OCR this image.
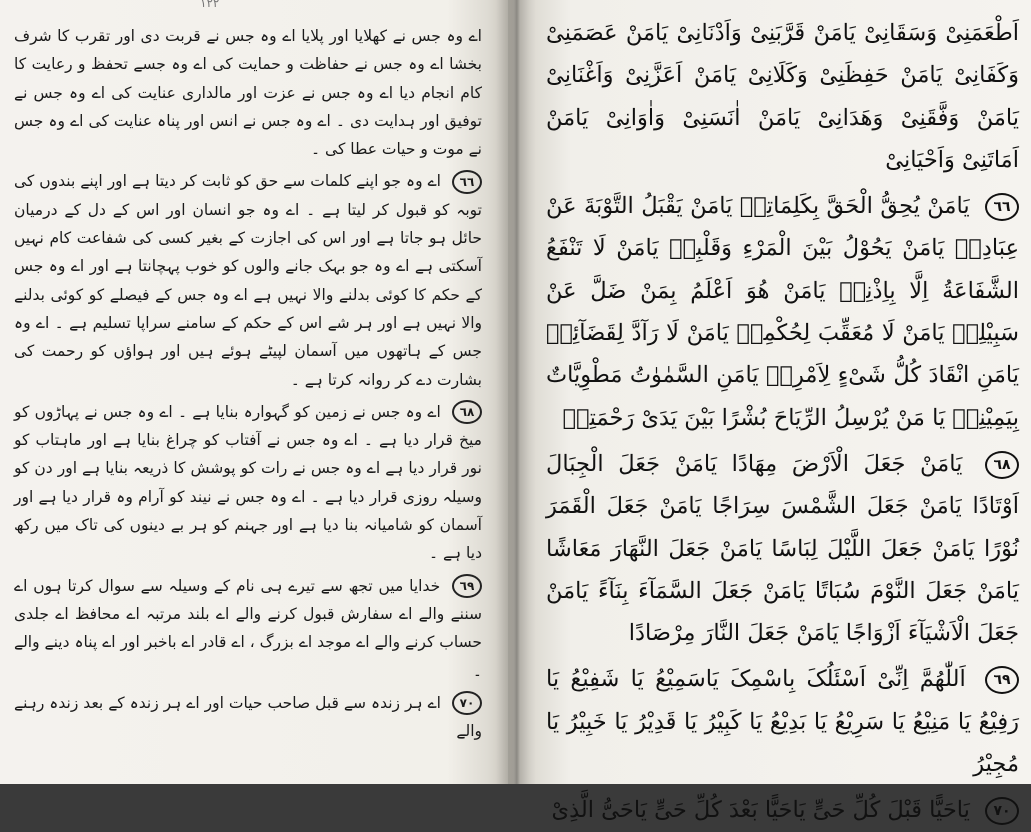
١٢٢

اے وہ جس نے کھلایا اور پلایا اے وہ جس نے قربت دی اور تقرب کا شرف بخشا اے وہ جس نے حفاظت و حمایت کی اے وہ جسے تحفظ و رعایت کا کام انجام دیا اے وہ جس نے عزت اور مالداری عنایت کی اے وہ جس نے توفیق اور ہدایت دی ۔ اے وہ جس نے انس اور پناہ عنایت کی اے وہ جس نے موت و حیات عطا کی ۔

٦٦ اے وہ جو اپنے کلمات سے حق کو ثابت کر دیتا ہے اور اپنے بندوں کی توبہ کو قبول کر لیتا ہے ۔ اے وہ جو انسان اور اس کے دل کے درمیان حائل ہو جاتا ہے اور اس کی اجازت کے بغیر کسی کی شفاعت کام نہیں آسکتی ہے اے وہ جو بہک جانے والوں کو خوب پہچانتا ہے اور اے وہ جس کے حکم کا کوئی بدلنے والا نہیں ہے اے وہ جس کے فیصلے کو کوئی بدلنے والا نہیں ہے اور ہر شے اس کے حکم کے سامنے سراپا تسلیم ہے ۔ اے وہ جس کے ہاتھوں میں آسمان لپیٹے ہوئے ہیں اور ہواؤں کو رحمت کی بشارت دے کر روانہ کرتا ہے ۔

٦٨ اے وہ جس نے زمین کو گہوارہ بنایا ہے ۔ اے وہ جس نے پہاڑوں کو میخ قرار دیا ہے ۔ اے وہ جس نے آفتاب کو چراغ بنایا ہے اور ماہتاب کو نور قرار دیا ہے اے وہ جس نے رات کو پوشش کا ذریعہ بنایا ہے اور دن کو وسیلہ روزی قرار دیا ہے ۔ اے وہ جس نے نیند کو آرام وہ قرار دیا ہے اور آسمان کو شامیانہ بنا دیا ہے اور جہنم کو ہر بے دینوں کی تاک میں رکھ دیا ہے ۔

٦٩ خدایا میں تجھ سے تیرے ہی نام کے وسیلہ سے سوال کرتا ہوں اے سننے والے اے سفارش قبول کرنے والے اے بلند مرتبہ اے محافظ اے جلدی حساب کرنے والے اے موجد اے بزرگ ، اے قادر اے باخبر اور اے پناہ دینے والے ۔

٧٠ اے ہر زندہ سے قبل صاحب حیات اور اے ہر زندہ کے بعد زندہ رہنے والے

اَطْعَمَنِیْ وَسَقَانِیْ یَامَنْ قَرَّبَنِیْ وَاَدْنَانِیْ یَامَنْ عَصَمَنِیْ وَکَفَانِیْ یَامَنْ حَفِظَنِیْ وَکَلَانِیْ یَامَنْ اَعَزَّنِیْ وَاَغْنَانِیْ یَامَنْ وَفَّقَنِیْ وَهَدَانِیْ یَامَنْ اٰنَسَنِیْ وَاٰوَانِیْ یَامَنْ اَمَاتَنِیْ وَاَحْیَانِیْ

٦٦ یَامَنْ یُحِقُّ الْحَقَّ بِکَلِمَاتِهٖ یَامَنْ یَقْبَلُ التَّوْبَةَ عَنْ عِبَادِهٖ یَامَنْ یَحُوْلُ بَیْنَ الْمَرْءِ وَقَلْبِهٖ یَامَنْ لَا تَنْفَعُ الشَّفَاعَةُ اِلَّا بِاِذْنِهٖ یَامَنْ هُوَ اَعْلَمُ بِمَنْ ضَلَّ عَنْ سَبِیْلِهٖ یَامَنْ لَا مُعَقِّبَ لِحُکْمِهٖ یَامَنْ لَا رَآدَّ لِقَضَآئِهٖ یَامَنِ انْقَادَ کُلُّ شَیْءٍ لِاَمْرِهٖ یَامَنِ السَّمٰوٰتُ مَطْوِیَّاتٌ بِیَمِیْنِهٖ یَا مَنْ یُرْسِلُ الرِّیَاحَ بُشْرًا بَیْنَ یَدَیْ رَحْمَتِهٖ

٦٨ یَامَنْ جَعَلَ الْاَرْضَ مِهَادًا یَامَنْ جَعَلَ الْجِبَالَ اَوْتَادًا یَامَنْ جَعَلَ الشَّمْسَ سِرَاجًا یَامَنْ جَعَلَ الْقَمَرَ نُوْرًا یَامَنْ جَعَلَ اللَّیْلَ لِبَاسًا یَامَنْ جَعَلَ النَّهَارَ مَعَاشًا یَامَنْ جَعَلَ النَّوْمَ سُبَاتًا یَامَنْ جَعَلَ السَّمَآءَ بِنَآءً یَامَنْ جَعَلَ الْاَشْیَآءَ اَزْوَاجًا یَامَنْ جَعَلَ النَّارَ مِرْصَادًا

٦٩ اَللّٰهُمَّ اِنِّیْ اَسْئَلُکَ بِاسْمِکَ یَاسَمِیْعُ یَا شَفِیْعُ یَا رَفِیْعُ یَا مَنِیْعُ یَا سَرِیْعُ یَا بَدِیْعُ یَا کَبِیْرُ یَا قَدِیْرُ یَا خَبِیْرُ یَا مُجِیْرُ

٧٠ یَاحَیًّا قَبْلَ کُلِّ حَیٍّ یَاحَیًّا بَعْدَ کُلِّ حَیٍّ یَاحَیُّ الَّذِیْ
